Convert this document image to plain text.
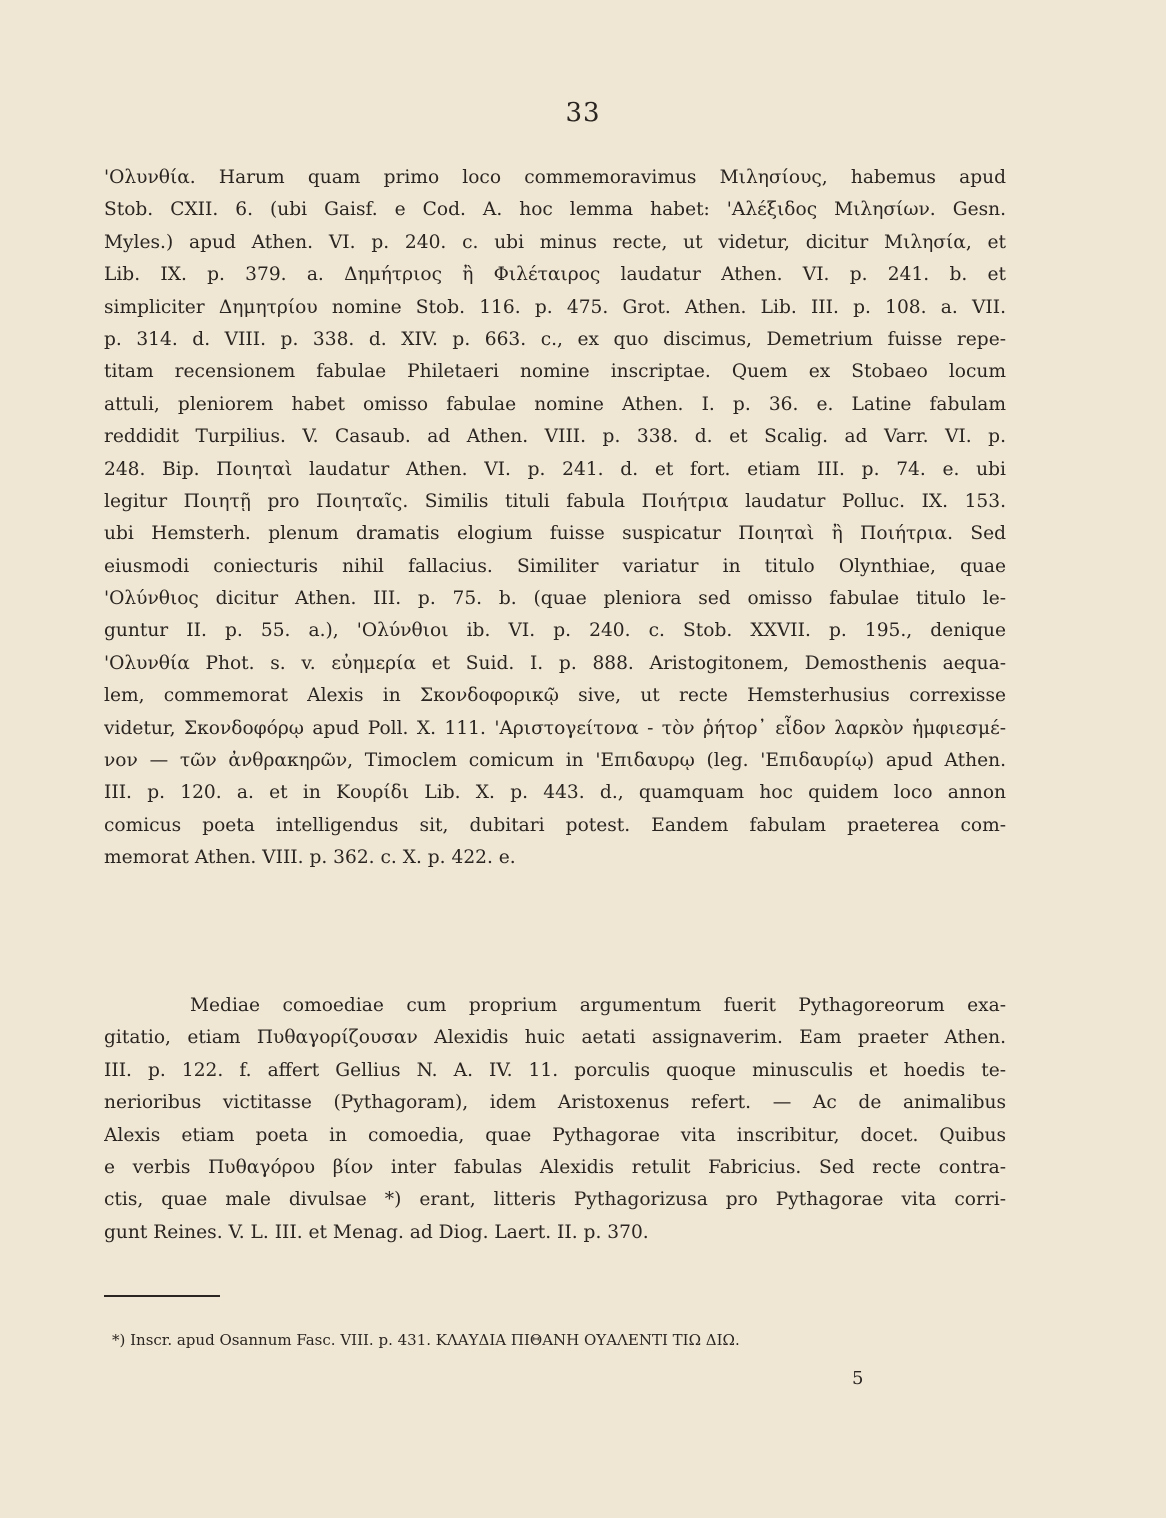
33
'Ολυνθία. Harum quam primo loco commemoravimus Μιλησίους, habemus apud
Stob. CXII. 6. (ubi Gaisf. e Cod. A. hoc lemma habet: 'Αλέξιδος Μιλησίων. Gesn.
Myles.) apud Athen. VI. p. 240. c. ubi minus recte, ut videtur, dicitur Μιλησία, et
Lib. IX. p. 379. a. Δημήτριος ἢ Φιλέταιρος laudatur Athen. VI. p. 241. b. et
simpliciter Δημητρίου nomine Stob. 116. p. 475. Grot. Athen. Lib. III. p. 108. a. VII.
p. 314. d. VIII. p. 338. d. XIV. p. 663. c., ex quo discimus, Demetrium fuisse repe-
titam recensionem fabulae Philetaeri nomine inscriptae. Quem ex Stobaeo locum
attuli, pleniorem habet omisso fabulae nomine Athen. I. p. 36. e. Latine fabulam
reddidit Turpilius. V. Casaub. ad Athen. VIII. p. 338. d. et Scalig. ad Varr. VI. p.
248. Bip. Ποιηταὶ laudatur Athen. VI. p. 241. d. et fort. etiam III. p. 74. e. ubi
legitur Ποιητῇ pro Ποιηταῖς. Similis tituli fabula Ποιήτρια laudatur Polluc. IX. 153.
ubi Hemsterh. plenum dramatis elogium fuisse suspicatur Ποιηταὶ ἢ Ποιήτρια. Sed
eiusmodi coniecturis nihil fallacius. Similiter variatur in titulo Olynthiae, quae
'Ολύνθιος dicitur Athen. III. p. 75. b. (quae pleniora sed omisso fabulae titulo le-
guntur II. p. 55. a.), 'Ολύνθιοι ib. VI. p. 240. c. Stob. XXVII. p. 195., denique
'Ολυνθία Phot. s. v. εὐημερία et Suid. I. p. 888. Aristogitonem, Demosthenis aequa-
lem, commemorat Alexis in Σκονδοφορικῷ sive, ut recte Hemsterhusius correxisse
videtur, Σκονδοφόρῳ apud Poll. X. 111. 'Αριστογείτονα - τὸν ῥήτορ᾽ εἶδον λαρκὸν ἡμφιεσμέ-
νον — τῶν ἀνθρακηρῶν, Timoclem comicum in 'Επιδαυρῳ (leg. 'Επιδαυρίῳ) apud Athen.
III. p. 120. a. et in Κουρίδι Lib. X. p. 443. d., quamquam hoc quidem loco annon
comicus poeta intelligendus sit, dubitari potest. Eandem fabulam praeterea com-
memorat Athen. VIII. p. 362. c. X. p. 422. e.
Mediae comoediae cum proprium argumentum fuerit Pythagoreorum exa-
gitatio, etiam Πυθαγορίζουσαν Alexidis huic aetati assignaverim. Eam praeter Athen.
III. p. 122. f. affert Gellius N. A. IV. 11. porculis quoque minusculis et hoedis te-
nerioribus victitasse (Pythagoram), idem Aristoxenus refert. — Ac de animalibus
Alexis etiam poeta in comoedia, quae Pythagorae vita inscribitur, docet. Quibus
e verbis Πυθαγόρου βίον inter fabulas Alexidis retulit Fabricius. Sed recte contra-
ctis, quae male divulsae *) erant, litteris Pythagorizusa pro Pythagorae vita corri-
gunt Reines. V. L. III. et Menag. ad Diog. Laert. II. p. 370.
*) Inscr. apud Osannum Fasc. VIII. p. 431. ΚΛΑΥΔΙΑ ΠΙΘΑΝΗ ΟΥΑΛΕΝΤΙ ΤΙΩ ΔΙΩ.
5
